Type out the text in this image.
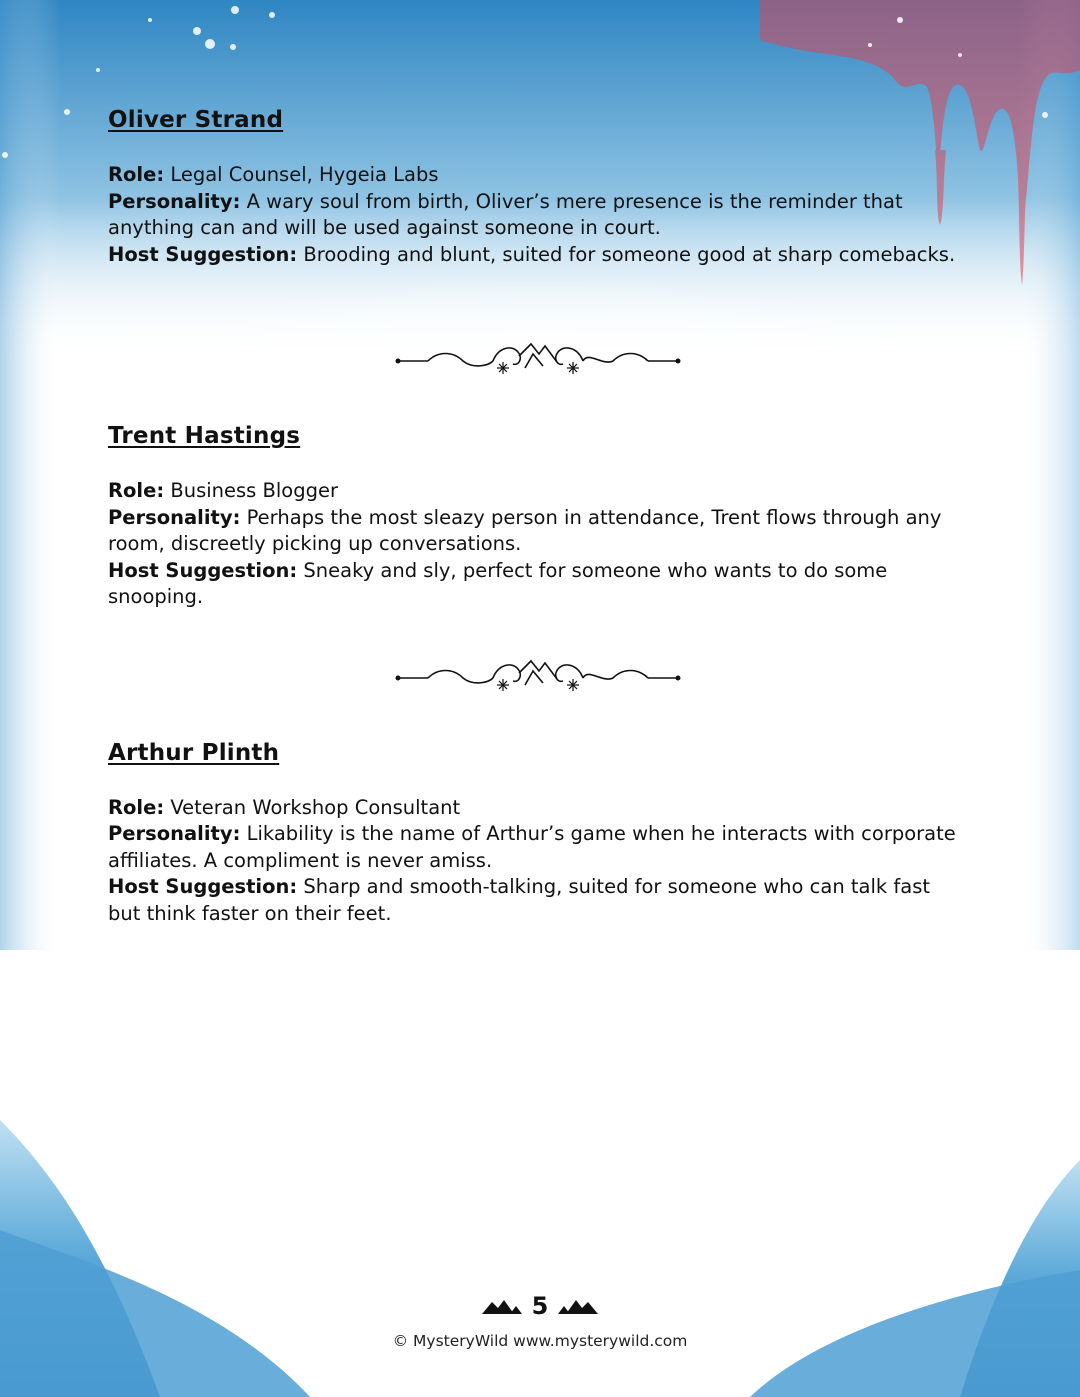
Oliver Strand

Role: Legal Counsel, Hygeia Labs

Personality: A wary soul from birth, Oliver’s mere presence is the reminder that anything can and will be used against someone in court.

Host Suggestion: Brooding and blunt, suited for someone good at sharp comebacks.

Trent Hastings

Role: Business Blogger

Personality: Perhaps the most sleazy person in attendance, Trent flows through any room, discreetly picking up conversations.

Host Suggestion: Sneaky and sly, perfect for someone who wants to do some snooping.

Arthur Plinth

Role: Veteran Workshop Consultant

Personality: Likability is the name of Arthur’s game when he interacts with corporate affiliates. A compliment is never amiss.

Host Suggestion: Sharp and smooth-talking, suited for someone who can talk fast but think faster on their feet.

5
© MysteryWild www.mysterywild.com
